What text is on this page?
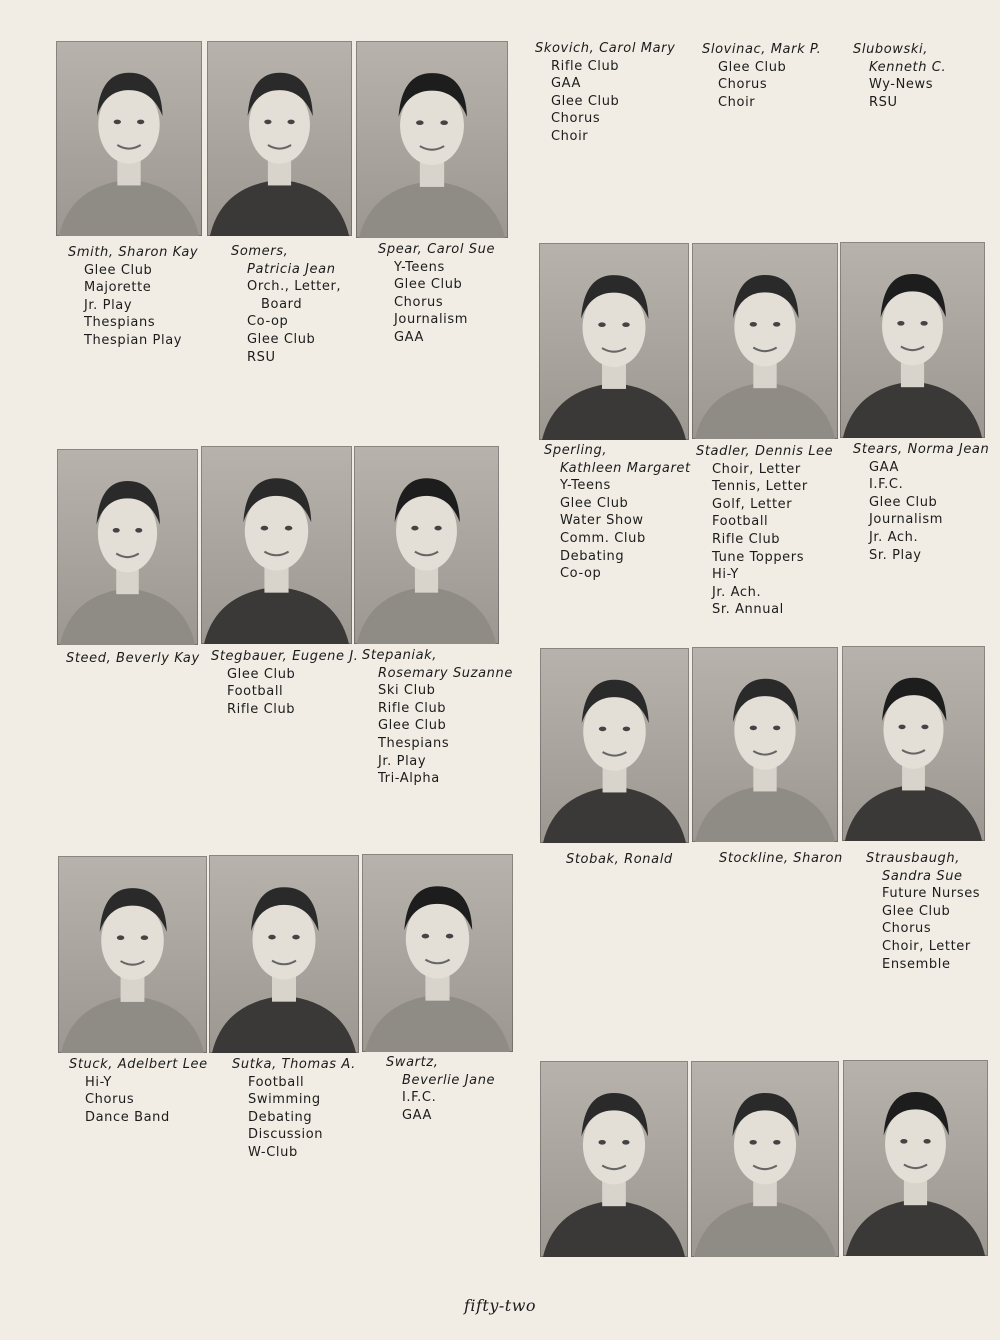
Smith, Sharon Kay
Glee Club
Majorette
Jr. Play
Thespians
Thespian Play
Somers,
Patricia Jean
Orch., Letter,
Board
Co-op
Glee Club
RSU
Spear, Carol Sue
Y-Teens
Glee Club
Chorus
Journalism
GAA
Skovich, Carol Mary
Rifle Club
GAA
Glee Club
Chorus
Choir
Slovinac, Mark P.
Glee Club
Chorus
Choir
Slubowski,
Kenneth C.
Wy-News
RSU
Sperling,
Kathleen Margaret
Y-Teens
Glee Club
Water Show
Comm. Club
Debating
Co-op
Stadler, Dennis Lee
Choir, Letter
Tennis, Letter
Golf, Letter
Football
Rifle Club
Tune Toppers
Hi-Y
Jr. Ach.
Sr. Annual
Stears, Norma Jean
GAA
I.F.C.
Glee Club
Journalism
Jr. Ach.
Sr. Play
Steed, Beverly Kay Stegbauer, Eugene J.
Glee Club
Football
Rifle Club
Stepaniak,
Rosemary Suzanne
Ski Club
Rifle Club
Glee Club
Thespians
Jr. Play
Tri-Alpha
Stobak, Ronald	Stockline, Sharon Strausbaugh,
Sandra Sue
Future Nurses
Glee Club
Chorus
Choir, Letter
Ensemble
Stuck, Adelbert Lee
Hi-Y
Chorus
Dance Band
Sutka, Thomas A.
Football
Swimming
Debating
Discussion
W-Club
Swartz,
Beverlie Jane
I.F.C.
GAA
fifty-two
